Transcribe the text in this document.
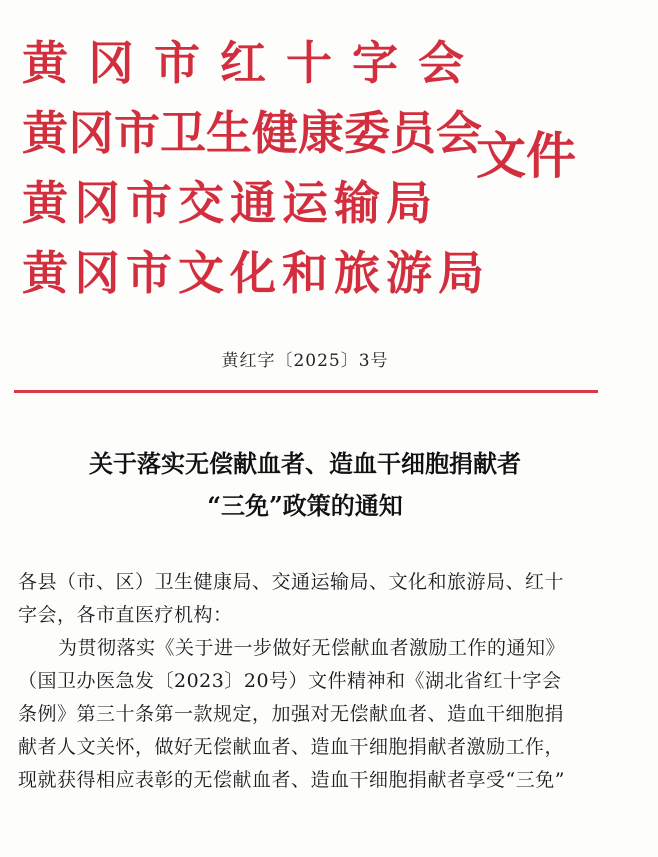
黄冈市红十字会
黄冈市卫生健康委员会
黄冈市交通运输局
黄冈市文化和旅游局
文件
黄红字〔2025〕3号
关于落实无偿献血者、造血干细胞捐献者
“三免”政策的通知
各县（市、区）卫生健康局、交通运输局、文化和旅游局、红十
字会，各市直医疗机构：
为贯彻落实《关于进一步做好无偿献血者激励工作的通知》
（国卫办医急发〔2023〕20号）文件精神和《湖北省红十字会
条例》第三十条第一款规定，加强对无偿献血者、造血干细胞捐
献者人文关怀，做好无偿献血者、造血干细胞捐献者激励工作，
现就获得相应表彰的无偿献血者、造血干细胞捐献者享受“三免”
